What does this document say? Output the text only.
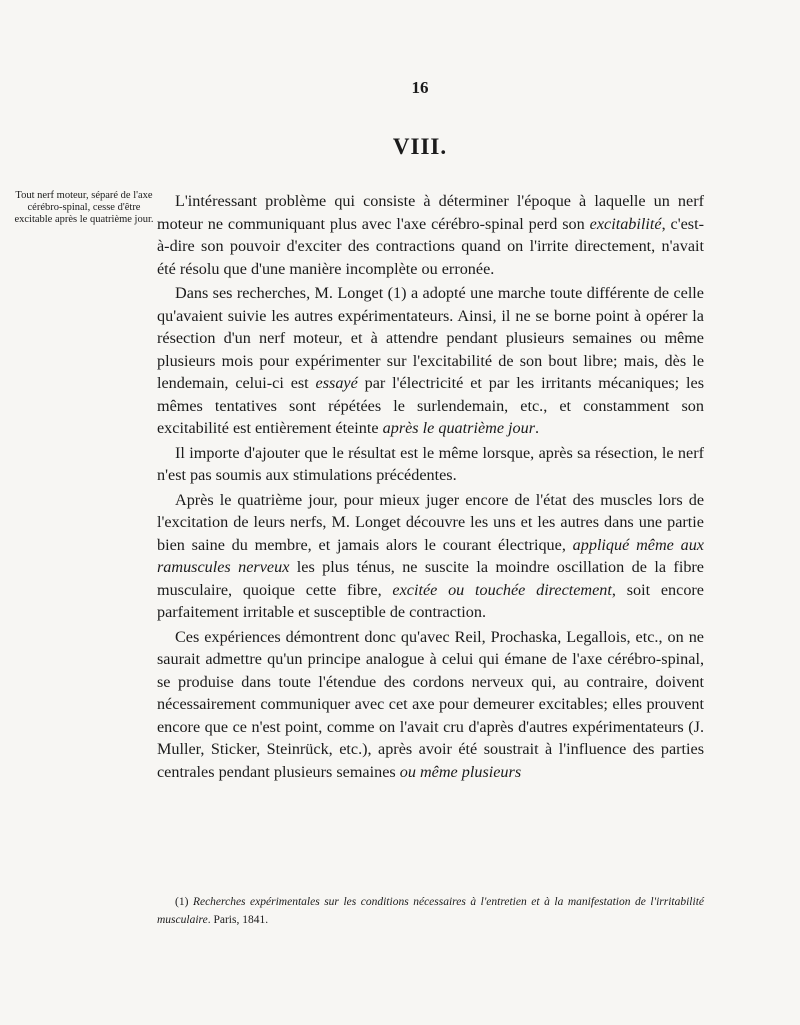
16
VIII.
Tout nerf moteur, séparé de l'axe cérébro-spinal, cesse d'être excitable après le quatrième jour.

L'intéressant problème qui consiste à déterminer l'époque à laquelle un nerf moteur ne communiquant plus avec l'axe cérébro-spinal perd son excitabilité, c'est-à-dire son pouvoir d'exciter des contractions quand on l'irrite directement, n'avait été résolu que d'une manière incomplète ou erronée.

Dans ses recherches, M. Longet (1) a adopté une marche toute différente de celle qu'avaient suivie les autres expérimentateurs. Ainsi, il ne se borne point à opérer la résection d'un nerf moteur, et à attendre pendant plusieurs semaines ou même plusieurs mois pour expérimenter sur l'excitabilité de son bout libre; mais, dès le lendemain, celui-ci est essayé par l'électricité et par les irritants mécaniques; les mêmes tentatives sont répétées le surlendemain, etc., et constamment son excitabilité est entièrement éteinte après le quatrième jour.

Il importe d'ajouter que le résultat est le même lorsque, après sa résection, le nerf n'est pas soumis aux stimulations précédentes.

Après le quatrième jour, pour mieux juger encore de l'état des muscles lors de l'excitation de leurs nerfs, M. Longet découvre les uns et les autres dans une partie bien saine du membre, et jamais alors le courant électrique, appliqué même aux ramuscules nerveux les plus ténus, ne suscite la moindre oscillation de la fibre musculaire, quoique cette fibre, excitée ou touchée directement, soit encore parfaitement irritable et susceptible de contraction.

Ces expériences démontrent donc qu'avec Reil, Prochaska, Legallois, etc., on ne saurait admettre qu'un principe analogue à celui qui émane de l'axe cérébro-spinal, se produise dans toute l'étendue des cordons nerveux qui, au contraire, doivent nécessairement communiquer avec cet axe pour demeurer excitables; elles prouvent encore que ce n'est point, comme on l'avait cru d'après d'autres expérimentateurs (J. Muller, Sticker, Steinrück, etc.), après avoir été soustrait à l'influence des parties centrales pendant plusieurs semaines ou même plusieurs

(1) Recherches expérimentales sur les conditions nécessaires à l'entretien et à la manifestation de l'irritabilité musculaire. Paris, 1841.
